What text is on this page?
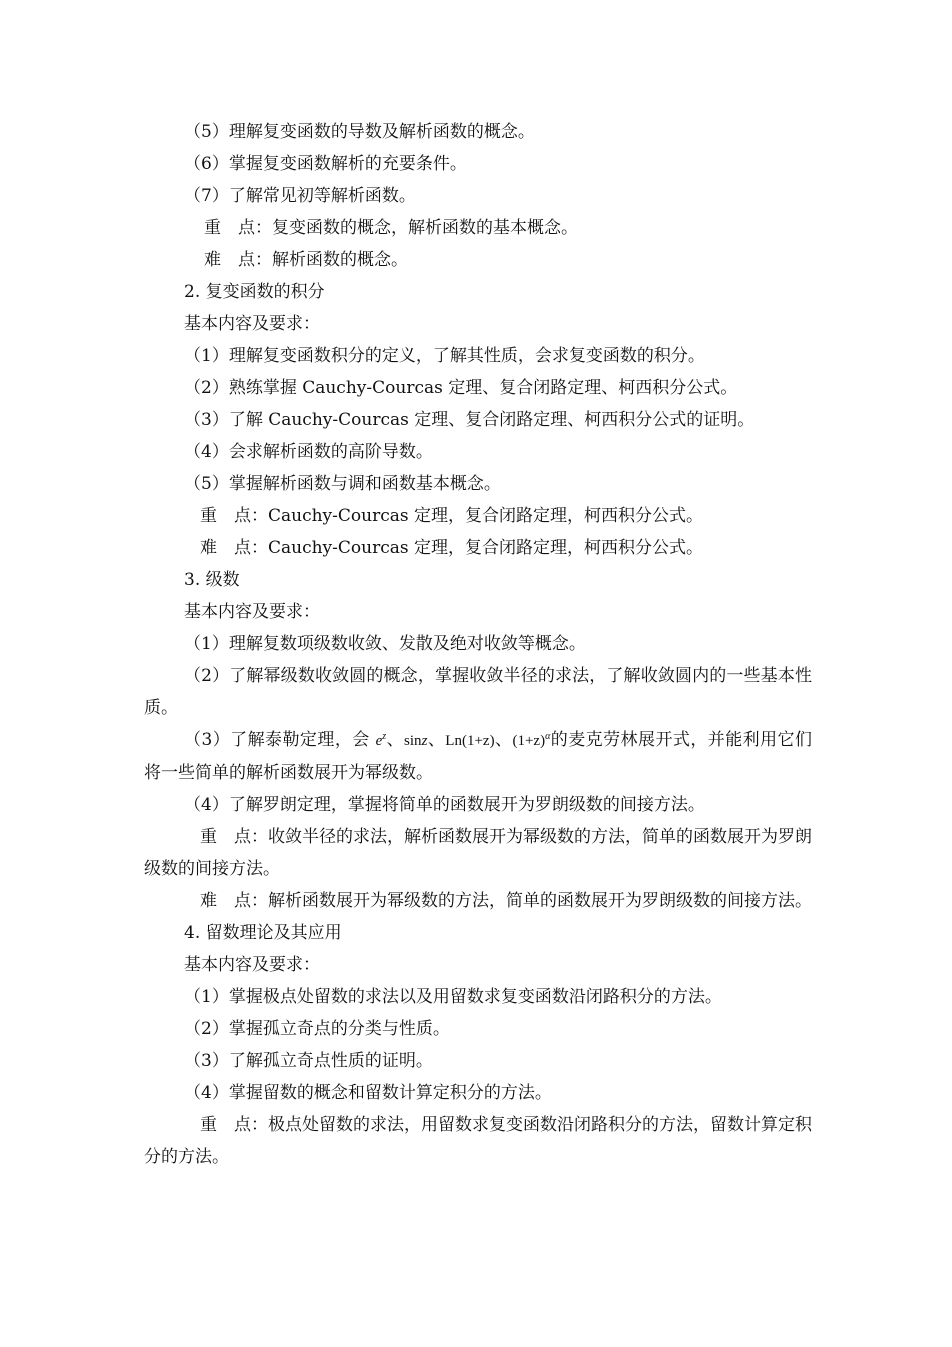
（5）理解复变函数的导数及解析函数的概念。

（6）掌握复变函数解析的充要条件。

（7）了解常见初等解析函数。

重　点：复变函数的概念，解析函数的基本概念。

难　点：解析函数的概念。

2. 复变函数的积分

基本内容及要求：

（1）理解复变函数积分的定义，了解其性质，会求复变函数的积分。

（2）熟练掌握 Cauchy-Courcas 定理、复合闭路定理、柯西积分公式。

（3）了解 Cauchy-Courcas 定理、复合闭路定理、柯西积分公式的证明。

（4）会求解析函数的高阶导数。

（5）掌握解析函数与调和函数基本概念。

重　点：Cauchy-Courcas 定理，复合闭路定理，柯西积分公式。

难　点：Cauchy-Courcas 定理，复合闭路定理，柯西积分公式。

3. 级数

基本内容及要求：

（1）理解复数项级数收敛、发散及绝对收敛等概念。

（2）了解幂级数收敛圆的概念，掌握收敛半径的求法，了解收敛圆内的一些基本性质。

（3）了解泰勒定理，会 $e^z$、sinz、Ln(1+z)、$(1+z)^\alpha$的麦克劳林展开式，并能利用它们将一些简单的解析函数展开为幂级数。

（4）了解罗朗定理，掌握将简单的函数展开为罗朗级数的间接方法。

重　点：收敛半径的求法，解析函数展开为幂级数的方法，简单的函数展开为罗朗级数的间接方法。

难　点：解析函数展开为幂级数的方法，简单的函数展开为罗朗级数的间接方法。

4. 留数理论及其应用

基本内容及要求：

（1）掌握极点处留数的求法以及用留数求复变函数沿闭路积分的方法。

（2）掌握孤立奇点的分类与性质。

（3）了解孤立奇点性质的证明。

（4）掌握留数的概念和留数计算定积分的方法。

重　点：极点处留数的求法，用留数求复变函数沿闭路积分的方法，留数计算定积分的方法。
